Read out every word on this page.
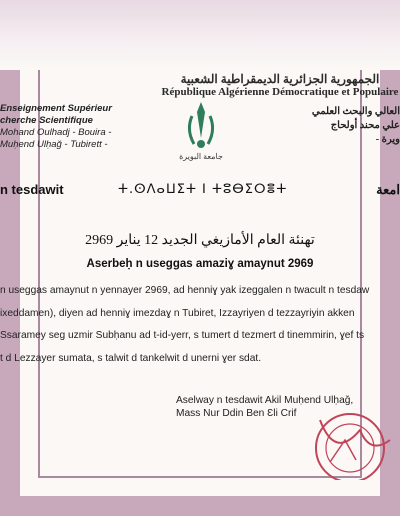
الجمهورية الجزائرية الديمقراطية الشعبية
République Algérienne Démocratique et Populaire
Enseignement Supérieur
cherche Scientifique
Mohand Oulhadj - Bouira -
Muḥend Ulḥağ - Tubirett -
العالي والبحث العلمي
علي محند أولحاج
ويرة -
جامعة البويرة
n tesdawit	ⵜ.ⵙⴷⴰⵡⵉⵜ ⵏ ⵜⵓⴱⵉⵔⴻⵜ	امعة
تهنئة العام الأمازيغي الجديد 12 يناير 2969
Aserbeḥ n useggas amaziɣ amaynut 2969
n useggas amaynut n yennayer 2969, ad henniɣ yak izeggalen n twacult n tesdaw
ixeddamen), diyen ad henniɣ imezdaɣ n Tubiret, Izzayriyen d tezzayriyin akken
Ssaramey seg uzmir Subḥanu ad t-id-yerr, s tumert d tezmert d tinemmirin, ɣef ts
t d Lezzayer sumata, s talwit d tankelwit d unerni ɣer sdat.
Aselway n tesdawit Akil Muḥend Ulḥağ,
Mass Nur Ddin Ben Ɛli Crif
